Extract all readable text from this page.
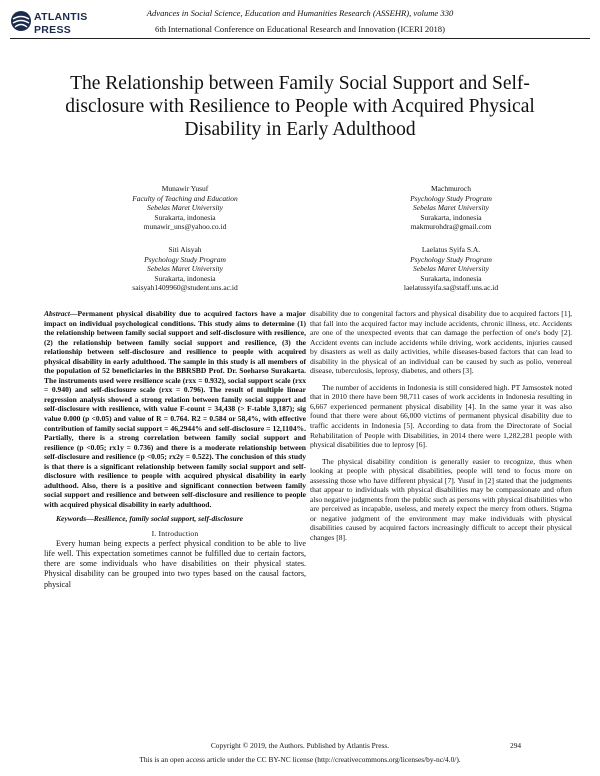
ATLANTIS
PRESS
Advances in Social Science, Education and Humanities Research (ASSEHR), volume 330
6th International Conference on Educational Research and Innovation (ICERI 2018)
The Relationship between Family Social Support and Self-disclosure with Resilience to People with Acquired Physical Disability in Early Adulthood
Munawir Yusuf
Faculty of Teaching and Education
Sebelas Maret University
Surakarta, indonesia
munawir_uns@yahoo.co.id
Machmuroch
Psychology Study Program
Sebelas Maret University
Surakarta, indonesia
makmurohdra@gmail.com
Siti Aisyah
Psychology Study Program
Sebelas Maret University
Surakarta, indonesia
saisyah1409960@student.uns.ac.id
Laelatus Syifa S.A.
Psychology Study Program
Sebelas Maret University
Surakarta, indonesia
laelatussyifa.sa@staff.uns.ac.id

Abstract—Permanent physical disability due to acquired factors have a major impact on individual psychological conditions. This study aims to determine (1) the relationship between family social support and self-disclosure with resilience, (2) the relationship between family social support and resilience, (3) the relationship between self-disclosure and resilience to people with acquired physical disability in early adulthood. The sample in this study is all members of the population of 52 beneficiaries in the BBRSBD Prof. Dr. Soeharso Surakarta. The instruments used were resilience scale (rxx = 0.932), social support scale (rxx = 0.940) and self-disclosure scale (rxx = 0.796). The result of multiple linear regression analysis showed a strong relation between family social support and self-disclosure with resilience, with value F-count = 34,438 (> F-table 3,187); sig value 0.000 (p <0.05) and value of R = 0.764. R2 = 0.584 or 58,4%, with effective contribution of family social support = 46,2944% and self-disclosure = 12,1104%. Partially, there is a strong correlation between family social support and resilience (p <0.05; rx1y = 0.736) and there is a moderate relationship between self-disclosure and resilience (p <0.05; rx2y = 0.522). The conclusion of this study is that there is a significant relationship between family social support and self-disclosure with resilience to people with acquired physical disability in early adulthood. Also, there is a positive and significant connection between family social support and resilience and between self-disclosure and resilience to people with acquired physical disability in early adulthood.

Keywords—Resilience, family social support, self-disclosure

I. Introduction

Every human being expects a perfect physical condition to be able to live life well. This expectation sometimes cannot be fulfilled due to certain factors, there are some individuals who have disabilities on their physical states. Physical disability can be grouped into two types based on the causal factors, physical

disability due to congenital factors and physical disability due to acquired factors [1], that fall into the acquired factor may include accidents, chronic illness, etc. Accidents are one of the unexpected events that can damage the perfection of one's body [2]. Accident events can include accidents while driving, work accidents, injuries caused by disasters as well as daily activities, while diseases-based factors that can lead to disability in the physical of an individual can be caused by such as polio, venereal disease, tuberculosis, leprosy, diabetes, and others [3].

The number of accidents in Indonesia is still considered high. PT Jamsostek noted that in 2010 there have been 98,711 cases of work accidents in Indonesia resulting in 6,667 experienced permanent physical disability [4]. In the same year it was also found that there were about 66,000 victims of permanent physical disability due to traffic accidents in Indonesia [5]. According to data from the Directorate of Social Rehabilitation of People with Disabilities, in 2014 there were 1,282,281 people with physical disabilities due to leprosy [6].

The physical disability condition is generally easier to recognize, thus when looking at people with physical disabilities, people will tend to focus more on assessing those who have different physical [7]. Yusuf in [2] stated that the judgments that appear to individuals with physical disabilities may be compassionate and often also negative judgments from the public such as persons with physical disabilities who are perceived as incapable, useless, and merely expect the mercy from others. Stigma or negative judgment of the environment may make individuals with physical disabilities caused by acquired factors increasingly difficult to accept their physical changes [8].

Copyright © 2019, the Authors. Published by Atlantis Press.
This is an open access article under the CC BY-NC license (http://creativecommons.org/licenses/by-nc/4.0/).
294
